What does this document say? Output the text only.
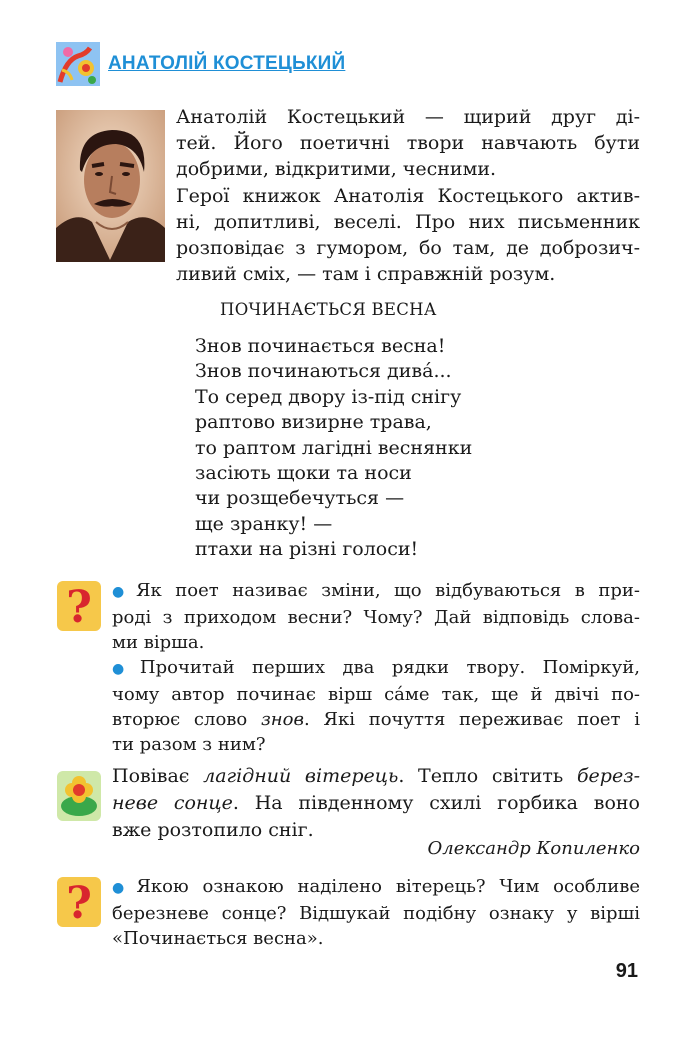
АНАТОЛІЙ КОСТЕЦЬКИЙ
Анатолій Костецький — щирий друг ді-
тей. Його поетичні твори навчають бути
добрими, відкритими, чесними.
Герої книжок Анатолія Костецького актив-
ні, допитливі, веселі. Про них письменник
розповідає з гумором, бо там, де доброзич-
ливий сміх, — там і справжній розум.
ПОЧИНАЄТЬСЯ ВЕСНА
Знов починається весна!
Знов починаються дивá...
То серед двору із-під снігу
раптово визирне трава,
то раптом лагідні веснянки
засіють щоки та носи
чи розщебечуться —
ще зранку! —
птахи на різні голоси!
? ● Як поет називає зміни, що відбуваються в при-
роді з приходом весни? Чому? Дай відповідь слова-
ми вірша.
● Прочитай перших два рядки твору. Поміркуй,
чому автор починає вірш сáме так, ще й двічі по-
вторює слово знов. Які почуття переживає поет і
ти разом з ним?
Повіває лагідний вітерець. Тепло світить берез-
неве сонце. На південному схилі горбика воно
вже розтопило сніг.
Олександр Копиленко
? ● Якою ознакою наділено вітерець? Чим особливе
березневе сонце? Відшукай подібну ознаку у вірші
«Починається весна».
91
